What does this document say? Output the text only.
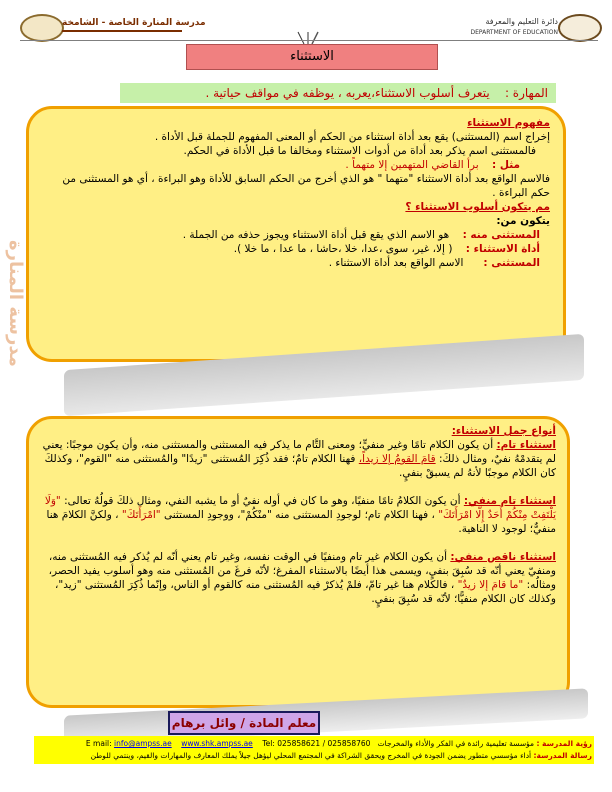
مدرسة المنارة الخاصة - الشامخة	دائرة التعليم والمعرفة
DEPARTMENT OF EDUCATION
الاستثناء
المهارة :    يتعرف أسلوب الاستثناء،يعربه ، يوظفه في مواقف حياتية .
مدرسة المنارة
مفهوم الاستثناء
إخراج اسم (المستثنى) يقع بعد أداة استثناء من الحكم أو المعنى المفهوم للجملة قبل الأداة .
فالمستثنى اسم يذكر بعد أداة من أدوات الاستثناء ومخالفا ما قبل الأداة في الحكم.
مثل :    برأ القاضي المتهمين إلا متهماً .
فالاسم الواقع بعد أداة الاستثناء "متهما " هو الذي أخرج من الحكم السابق للأداة وهو البراءة ، أي هو المستثنى من حكم البراءة .
مم يتكون أسلوب الاستثناء ؟
يتكون من:
المستثنى منه :    هو الاسم الذي يقع قبل أداة الاستثناء ويجوز حذفه من الجملة .
أداة الاستثناء :    ( إلا، غير، سوى ،عدا، خلا ،حاشا ، ما عدا ، ما خلا ).
المستثنى :      الاسم الواقع بعد أداة الاستثناء .
أنواع جمل الاستثناء:
استثناء تام: أن يكون الكلام تامًا وغير منفيٍّ؛ ومعنى التَّام ما يذكر فيه المستثنى والمستثنى منه، وأن يكون موجبًا: يعني لم يتقدمْهُ نفيٌ، ومثال ذلكَ: قامَ القومُ إلا زيداً، فهنا الكلام تامٌ؛ فقد ذُكِرَ المُستثنى "زيدًا" والمُستثنى منه "القوم"، وكذلكَ كان الكلام موجبًا لأنهُ لم يسبقْ بنفيٍ.
استثناء تام منفي: أن يكون الكلامُ تامًا منفيًا، وهو ما كان في أوله نفيٌ أو ما يشبه النفي، ومثال ذلكَ قولُهُ تعالى: "وَلَا يَلْتَفِتْ مِنْكُمْ أَحَدٌ إِلَّا امْرَأَتَكَ" ، فهنا الكلام تام؛ لوجودِ المستثنى منه "منْكُمْ"، ووجودِ المستثنى "امْرَأَتَكَ" ، ولكنَّ الكلامَ هنا منفيٌّ؛ لوجود لا الناهية.
استثناء ناقص منفي: أن يكون الكلام غير تام ومنفيًا في الوقت نفسه، وغير تام يعني أنّه لم يُذكر فيه المُستثنى منه، ومنفيّ يعني أنّه قد سُبِقَ بنفيٍ، ويسمى هذا أيضًا بالاستثناء المفرغ؛ لأنّه فرغَ من المُستثنى منه وهو أسلوب يفيد الحصر، ومثالُه: "ما قامَ إلا زيدٌ" ، فالكلام هنا غير تامّ، فلمْ يُذكرْ فيه المُستثنى منه كالقوم أو الناس، وإنّما ذُكِرَ المُستثنى "زيد"، وكذلك كان الكلام منفيًّا؛ لأنّه قد سُبِقَ بنفيٍ.
معلم المادة / وائل برهام
رؤية المدرسة : مؤسسة تعليمية رائدة في الفكر والأداء والمخرجات   E mail: info@ampss.ae www.shk.ampss.ae Tel: 025858621 / 025858760
رسالة المدرسة: أداء مؤسسي متطور يضمن الجودة في المخرج ويحقق الشراكة في المجتمع المحلي ليؤهل جيلاً يملك المعارف والمهارات والقيم، وينتمي للوطن
